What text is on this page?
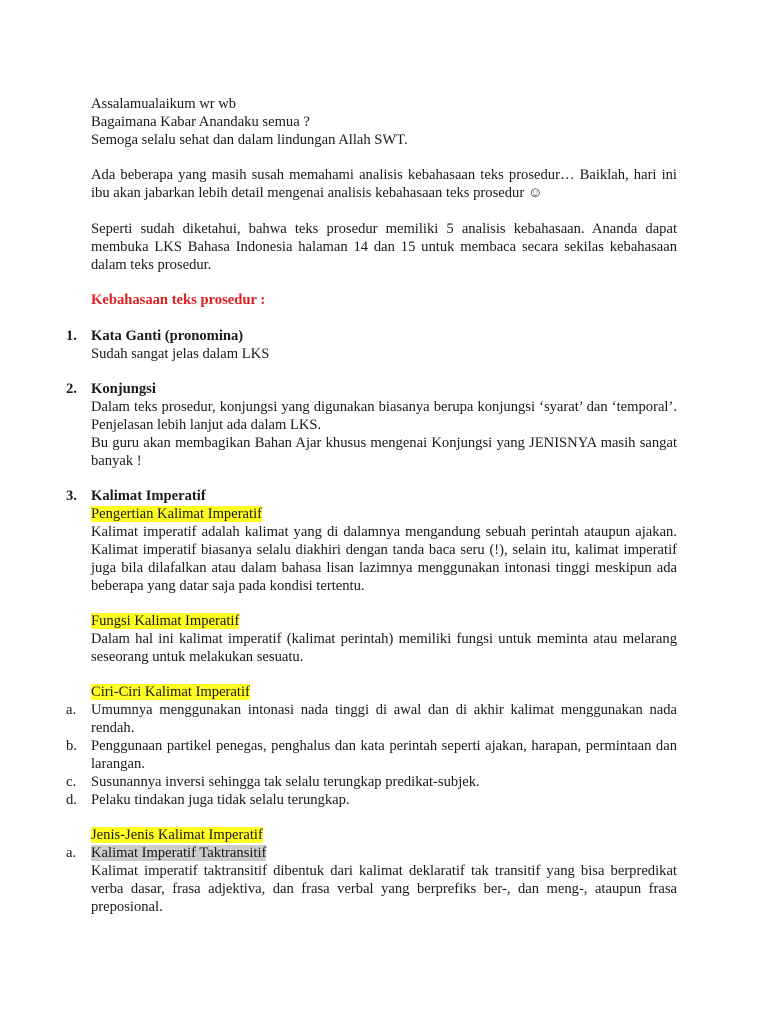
Assalamualaikum wr wb
Bagaimana Kabar Anandaku semua ?
Semoga selalu sehat dan dalam lindungan Allah SWT.

Ada beberapa yang masih susah memahami analisis kebahasaan teks prosedur… Baiklah, hari ini ibu akan jabarkan lebih detail mengenai analisis kebahasaan teks prosedur ☺

Seperti sudah diketahui, bahwa teks prosedur memiliki 5 analisis kebahasaan. Ananda dapat membuka LKS Bahasa Indonesia halaman 14 dan 15 untuk membaca secara sekilas kebahasaan dalam teks prosedur.

Kebahasaan teks prosedur :

1. Kata Ganti (pronomina)

Sudah sangat jelas dalam LKS

2. Konjungsi

Dalam teks prosedur, konjungsi yang digunakan biasanya berupa konjungsi ‘syarat’ dan ‘temporal’. Penjelasan lebih lanjut ada dalam LKS.

Bu guru akan membagikan Bahan Ajar khusus mengenai Konjungsi yang JENISNYA masih sangat banyak !

3. Kalimat Imperatif

Pengertian Kalimat Imperatif

Kalimat imperatif adalah kalimat yang di dalamnya mengandung sebuah perintah ataupun ajakan. Kalimat imperatif biasanya selalu diakhiri dengan tanda baca seru (!), selain itu, kalimat imperatif juga bila dilafalkan atau dalam bahasa lisan lazimnya menggunakan intonasi tinggi meskipun ada beberapa yang datar saja pada kondisi tertentu.

Fungsi Kalimat Imperatif

Dalam hal ini kalimat imperatif (kalimat perintah) memiliki fungsi untuk meminta atau melarang seseorang untuk melakukan sesuatu.

Ciri-Ciri Kalimat Imperatif

a. Umumnya menggunakan intonasi nada tinggi di awal dan di akhir kalimat menggunakan nada rendah.

b. Penggunaan partikel penegas, penghalus dan kata perintah seperti ajakan, harapan, permintaan dan larangan.

c. Susunannya inversi sehingga tak selalu terungkap predikat-subjek.

d. Pelaku tindakan juga tidak selalu terungkap.

Jenis-Jenis Kalimat Imperatif

a. Kalimat Imperatif Taktransitif

Kalimat imperatif taktransitif dibentuk dari kalimat deklaratif tak transitif yang bisa berpredikat verba dasar, frasa adjektiva, dan frasa verbal yang berprefiks ber-, dan meng-, ataupun frasa preposional.
